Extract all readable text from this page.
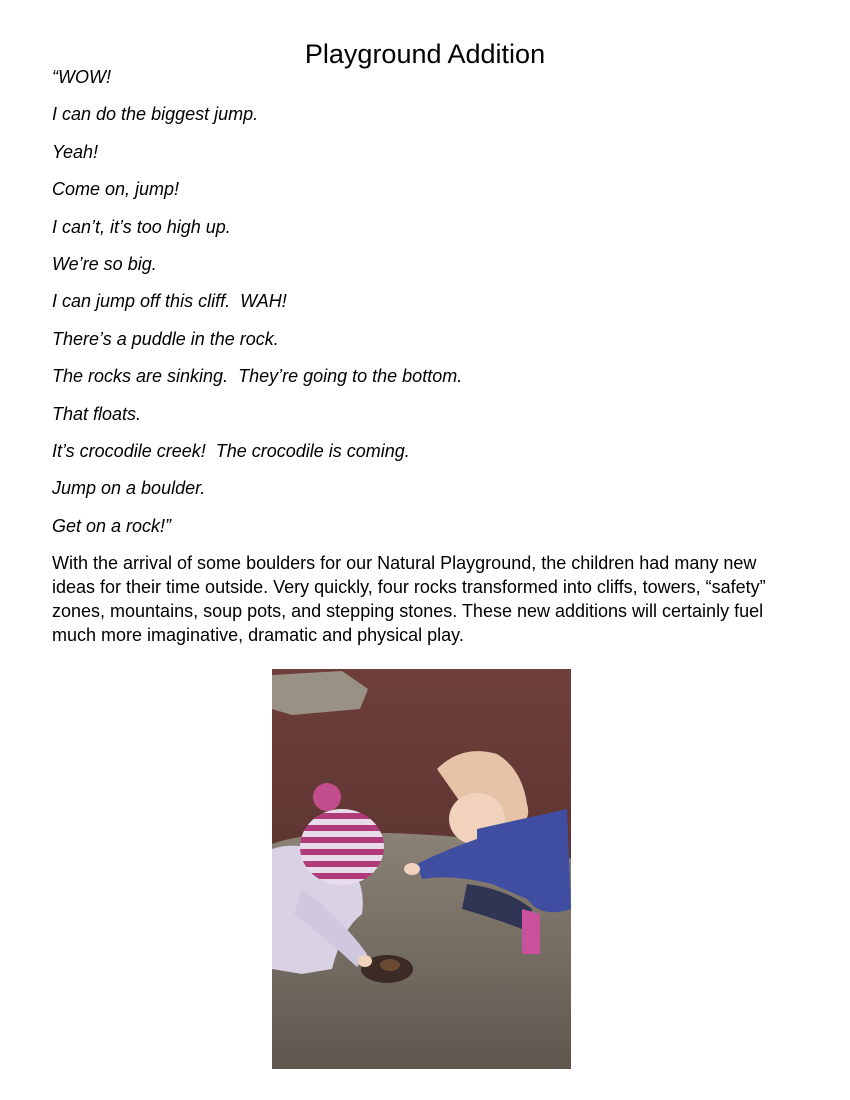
Playground Addition
“WOW!
I can do the biggest jump.
Yeah!
Come on, jump!
I can’t, it’s too high up.
We’re so big.
I can jump off this cliff.  WAH!
There’s a puddle in the rock.
The rocks are sinking.  They’re going to the bottom.
That floats.
It’s crocodile creek!  The crocodile is coming.
Jump on a boulder.
Get on a rock!”

With the arrival of some boulders for our Natural Playground, the children had many new ideas for their time outside. Very quickly, four rocks transformed into cliffs, towers, “safety” zones, mountains, soup pots, and stepping stones. These new additions will certainly fuel much more imaginative, dramatic and physical play.
